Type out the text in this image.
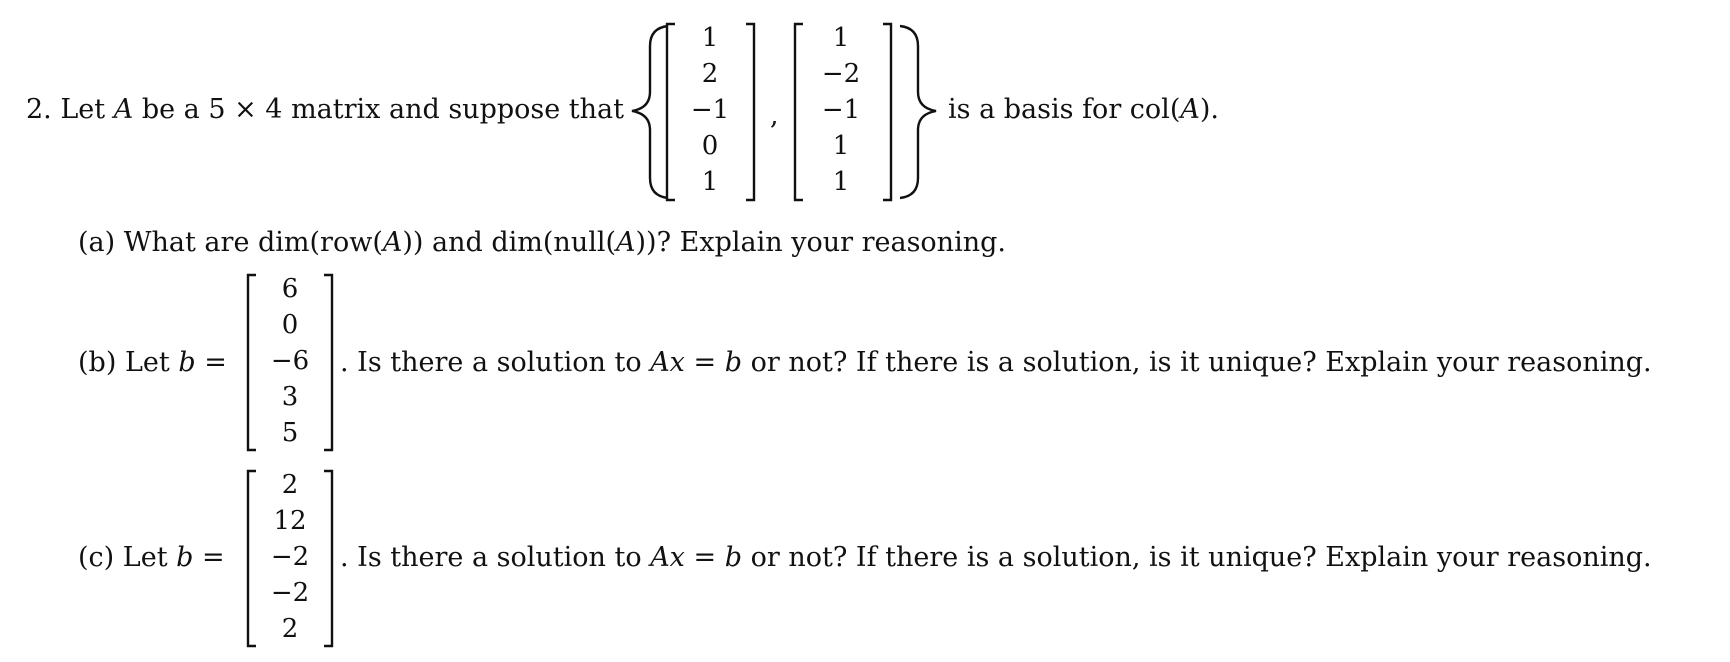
2. Let A be a 5 × 4 matrix and suppose that
1
2
−1
0
1
,
1
−2
−1
1
1
is a basis for col(A).
(a) What are dim(row(A)) and dim(null(A))? Explain your reasoning.
(b) Let b =
6
0
−6
3
5
. Is there a solution to Ax = b or not? If there is a solution, is it unique? Explain your reasoning.
(c) Let b =
2
12
−2
−2
2
. Is there a solution to Ax = b or not? If there is a solution, is it unique? Explain your reasoning.
